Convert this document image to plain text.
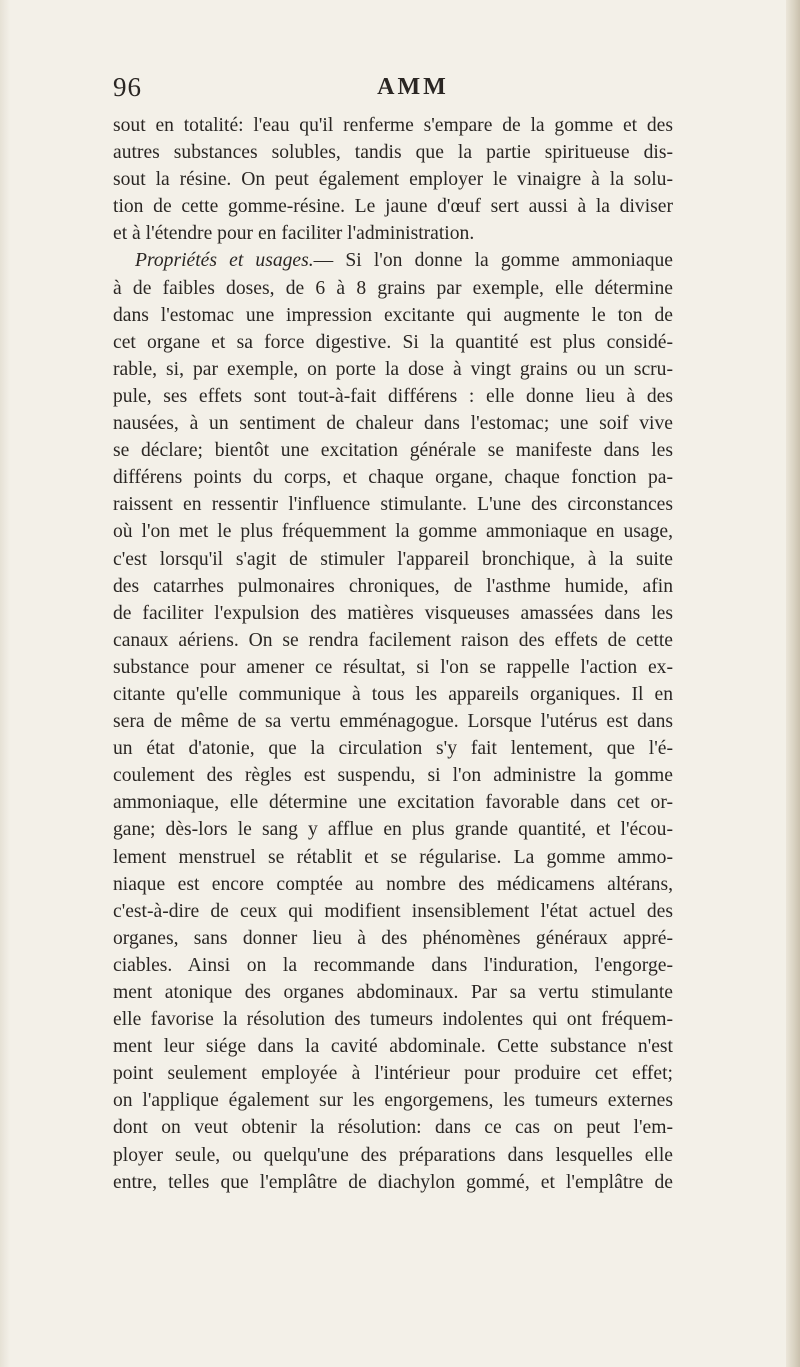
96	AMM
sout en totalité: l'eau qu'il renferme s'empare de la gomme et des
autres substances solubles, tandis que la partie spiritueuse dis-
sout la résine. On peut également employer le vinaigre à la solu-
tion de cette gomme-résine. Le jaune d'œuf sert aussi à la diviser
et à l'étendre pour en faciliter l'administration.
Propriétés et usages.— Si l'on donne la gomme ammoniaque
à de faibles doses, de 6 à 8 grains par exemple, elle détermine
dans l'estomac une impression excitante qui augmente le ton de
cet organe et sa force digestive. Si la quantité est plus considé-
rable, si, par exemple, on porte la dose à vingt grains ou un scru-
pule, ses effets sont tout-à-fait différens : elle donne lieu à des
nausées, à un sentiment de chaleur dans l'estomac; une soif vive
se déclare; bientôt une excitation générale se manifeste dans les
différens points du corps, et chaque organe, chaque fonction pa-
raissent en ressentir l'influence stimulante. L'une des circonstances
où l'on met le plus fréquemment la gomme ammoniaque en usage,
c'est lorsqu'il s'agit de stimuler l'appareil bronchique, à la suite
des catarrhes pulmonaires chroniques, de l'asthme humide, afin
de faciliter l'expulsion des matières visqueuses amassées dans les
canaux aériens. On se rendra facilement raison des effets de cette
substance pour amener ce résultat, si l'on se rappelle l'action ex-
citante qu'elle communique à tous les appareils organiques. Il en
sera de même de sa vertu emménagogue. Lorsque l'utérus est dans
un état d'atonie, que la circulation s'y fait lentement, que l'é-
coulement des règles est suspendu, si l'on administre la gomme
ammoniaque, elle détermine une excitation favorable dans cet or-
gane; dès-lors le sang y afflue en plus grande quantité, et l'écou-
lement menstruel se rétablit et se régularise. La gomme ammo-
niaque est encore comptée au nombre des médicamens altérans,
c'est-à-dire de ceux qui modifient insensiblement l'état actuel des
organes, sans donner lieu à des phénomènes généraux appré-
ciables. Ainsi on la recommande dans l'induration, l'engorge-
ment atonique des organes abdominaux. Par sa vertu stimulante
elle favorise la résolution des tumeurs indolentes qui ont fréquem-
ment leur siége dans la cavité abdominale. Cette substance n'est
point seulement employée à l'intérieur pour produire cet effet;
on l'applique également sur les engorgemens, les tumeurs externes
dont on veut obtenir la résolution: dans ce cas on peut l'em-
ployer seule, ou quelqu'une des préparations dans lesquelles elle
entre, telles que l'emplâtre de diachylon gommé, et l'emplâtre de
